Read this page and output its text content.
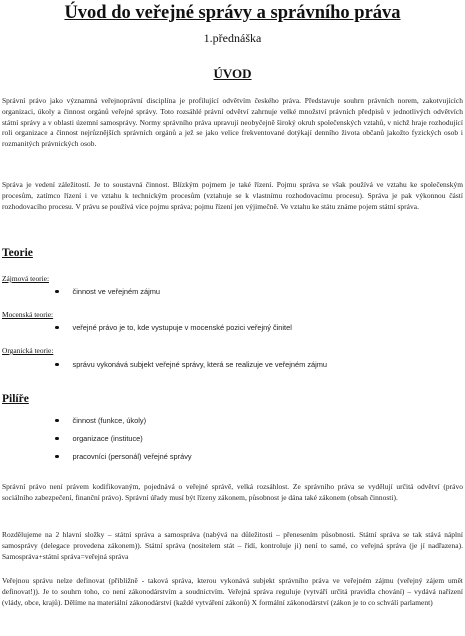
Úvod do veřejné správy a správního práva
1.přednáška
ÚVOD

Správní právo jako významná veřejnoprávní disciplína je profilující odvětvím českého práva. Představuje souhrn právních norem, zakotvujících organizaci, úkoly a činnost orgánů veřejné správy. Toto rozsáhlé právní odvětví zahrnuje velké množství právních předpisů v jednotlivých odvětvích státní správy a v oblasti územní samosprávy. Normy správního práva upravují neobyčejně široký okruh společenských vztahů, v nichž hraje rozhodující roli organizace a činnost nejrůznějších správních orgánů a jež se jako velice frekventované dotýkají denního života občanů jakožto fyzických osob i rozmanitých právnických osob.

Správa je vedení záležitostí. Je to soustavná činnost. Blízkým pojmem je také řízení. Pojmu správa se však používá ve vztahu ke společenským procesům, zatímco řízení i ve vztahu k technickým procesům (vztahuje se k vlastnímu rozhodovacímu procesu). Správa je pak výkonnou částí rozhodovacího procesu. V právu se používá více pojmu správa; pojmu řízení jen výjimečně. Ve vztahu ke státu známe pojem státní správa.

Teorie
Zájmová teorie:
činnost ve veřejném zájmu
Mocenská teorie:
veřejné právo je to, kde vystupuje v mocenské pozici veřejný činitel
Organická teorie:
správu vykonává subjekt veřejné správy, která se realizuje ve veřejném zájmu
Pilíře
činnost (funkce, úkoly)
organizace (instituce)
pracovníci (personál) veřejné správy

Správní právo není právem kodifikovaným, pojednává o veřejné správě, velká rozsáhlost. Ze správního práva se vydělují určitá odvětví (právo sociálního zabezpečení, finanční právo). Správní úřady musí být řízeny zákonem, působnost je dána také zákonem (obsah činnosti).

Rozdělujeme na 2 hlavní složky – státní správa a samospráva (nabývá na důležitosti – přenesením působnosti. Státní správa se tak stává náplní samosprávy (delegace provedena zákonem)). Státní správa (nositelem stát – řídí, kontroluje ji) není to samé, co veřejná správa (je jí nadřazena). Samospráva+státní správa=veřejná správa

Veřejnou správu nelze definovat (přibližně - taková správa, kterou vykonává subjekt správního práva ve veřejném zájmu (veřejný zájem umět definovat!)). Je to souhrn toho, co není zákonodárstvím a soudnictvím. Veřejná správa reguluje (vytváří určitá pravidla chování) – vydává nařízení (vlády, obce, krajů). Dělíme na materiální zákonodárství (každé vytváření zákonů) X formální zákonodárství (zákon je to co schválí parlament)
